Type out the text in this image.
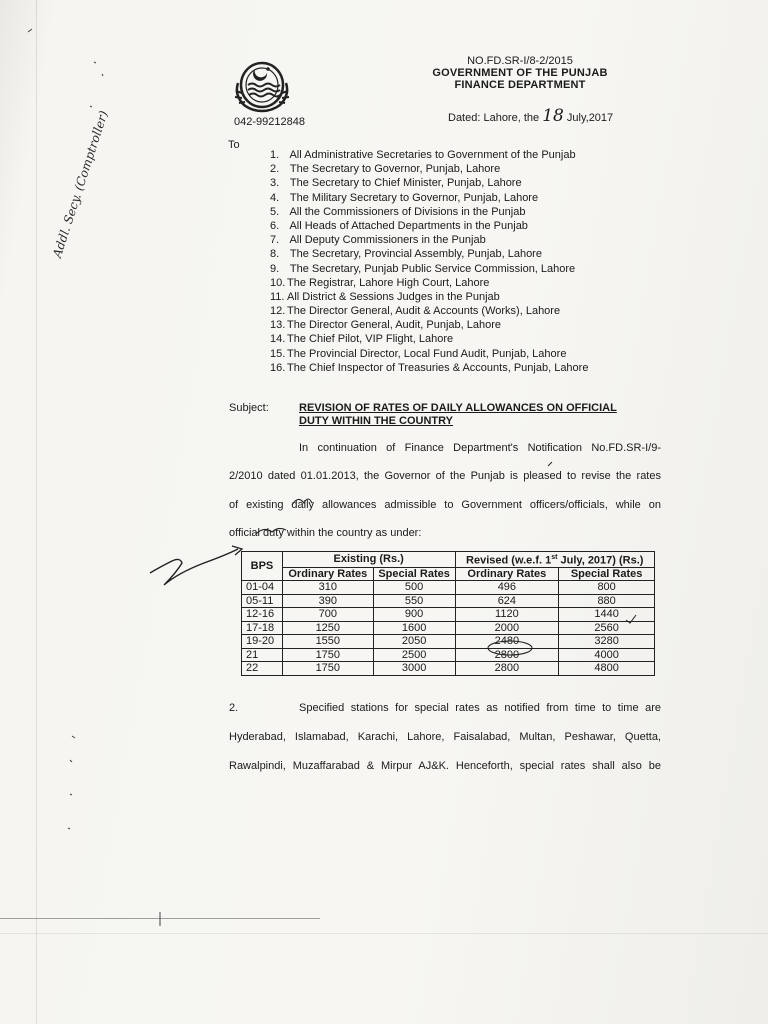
042-99212848
NO.FD.SR-I/8-2/2015
GOVERNMENT OF THE PUNJAB
FINANCE DEPARTMENT
Dated: Lahore, the 18 July,2017
To
1. All Administrative Secretaries to Government of the Punjab
2. The Secretary to Governor, Punjab, Lahore
3. The Secretary to Chief Minister, Punjab, Lahore
4. The Military Secretary to Governor, Punjab, Lahore
5. All the Commissioners of Divisions in the Punjab
6. All Heads of Attached Departments in the Punjab
7. All Deputy Commissioners in the Punjab
8. The Secretary, Provincial Assembly, Punjab, Lahore
9. The Secretary, Punjab Public Service Commission, Lahore
10. The Registrar, Lahore High Court, Lahore
11. All District & Sessions Judges in the Punjab
12. The Director General, Audit & Accounts (Works), Lahore
13. The Director General, Audit, Punjab, Lahore
14. The Chief Pilot, VIP Flight, Lahore
15. The Provincial Director, Local Fund Audit, Punjab, Lahore
16. The Chief Inspector of Treasuries & Accounts, Punjab, Lahore
Subject:	REVISION OF RATES OF DAILY ALLOWANCES ON OFFICIAL
DUTY WITHIN THE COUNTRY
In continuation of Finance Department's Notification No.FD.SR-I/9-
2/2010 dated 01.01.2013, the Governor of the Punjab is pleased to revise the rates
of existing daily allowances admissible to Government officers/officials, while on
official duty within the country as under:
BPS	Existing (Rs.)		Revised (w.e.f. 1st July, 2017) (Rs.)	
	Ordinary Rates	Special Rates	Ordinary Rates	Special Rates
01-04	310	500	496	800
05-11	390	550	624	880
12-16	700	900	1120	1440
17-18	1250	1600	2000	2560
19-20	1550	2050	2480	3280
21	1750	2500	2800	4000
22	1750	3000	2800	4800
2.	Specified stations for special rates as notified from time to time are
Hyderabad, Islamabad, Karachi, Lahore, Faisalabad, Multan, Peshawar, Quetta,
Rawalpindi, Muzaffarabad & Mirpur AJ&K. Henceforth, special rates shall also be
Addl. Secy. (Comptroller)
